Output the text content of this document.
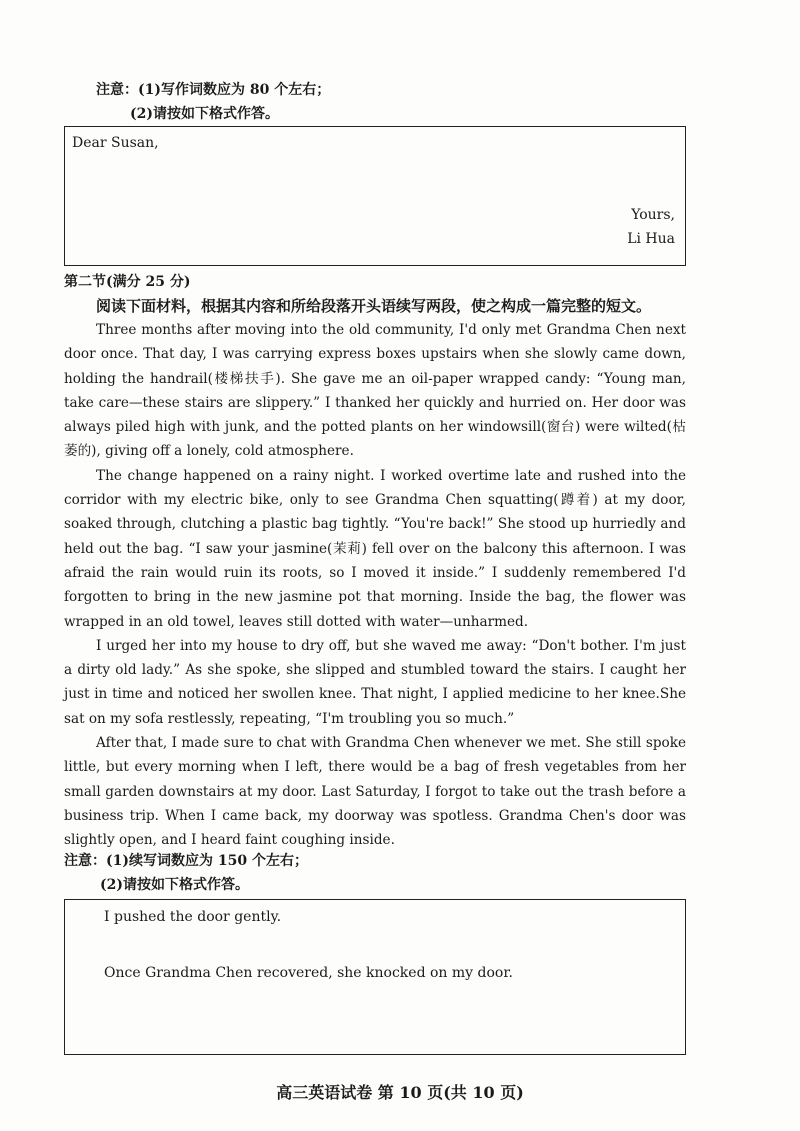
注意：(1)写作词数应为 80 个左右；
(2)请按如下格式作答。
Dear Susan,
Yours,
Li Hua
第二节(满分 25 分)
阅读下面材料，根据其内容和所给段落开头语续写两段，使之构成一篇完整的短文。

Three months after moving into the old community, I'd only met Grandma Chen next door once. That day, I was carrying express boxes upstairs when she slowly came down, holding the handrail(楼梯扶手). She gave me an oil-paper wrapped candy: “Young man, take care—these stairs are slippery.” I thanked her quickly and hurried on. Her door was always piled high with junk, and the potted plants on her windowsill(窗台) were wilted(枯萎的), giving off a lonely, cold atmosphere.

The change happened on a rainy night. I worked overtime late and rushed into the corridor with my electric bike, only to see Grandma Chen squatting(蹲着) at my door, soaked through, clutching a plastic bag tightly. “You're back!” She stood up hurriedly and held out the bag. “I saw your jasmine(茉莉) fell over on the balcony this afternoon. I was afraid the rain would ruin its roots, so I moved it inside.” I suddenly remembered I'd forgotten to bring in the new jasmine pot that morning. Inside the bag, the flower was wrapped in an old towel, leaves still dotted with water—unharmed.

I urged her into my house to dry off, but she waved me away: “Don't bother. I'm just a dirty old lady.” As she spoke, she slipped and stumbled toward the stairs. I caught her just in time and noticed her swollen knee. That night, I applied medicine to her knee.She sat on my sofa restlessly, repeating, “I'm troubling you so much.”

After that, I made sure to chat with Grandma Chen whenever we met. She still spoke little, but every morning when I left, there would be a bag of fresh vegetables from her small garden downstairs at my door. Last Saturday, I forgot to take out the trash before a business trip. When I came back, my doorway was spotless. Grandma Chen's door was slightly open, and I heard faint coughing inside.

注意：(1)续写词数应为 150 个左右；
(2)请按如下格式作答。
I pushed the door gently.
Once Grandma Chen recovered, she knocked on my door.
高三英语试卷 第 10 页(共 10 页)
